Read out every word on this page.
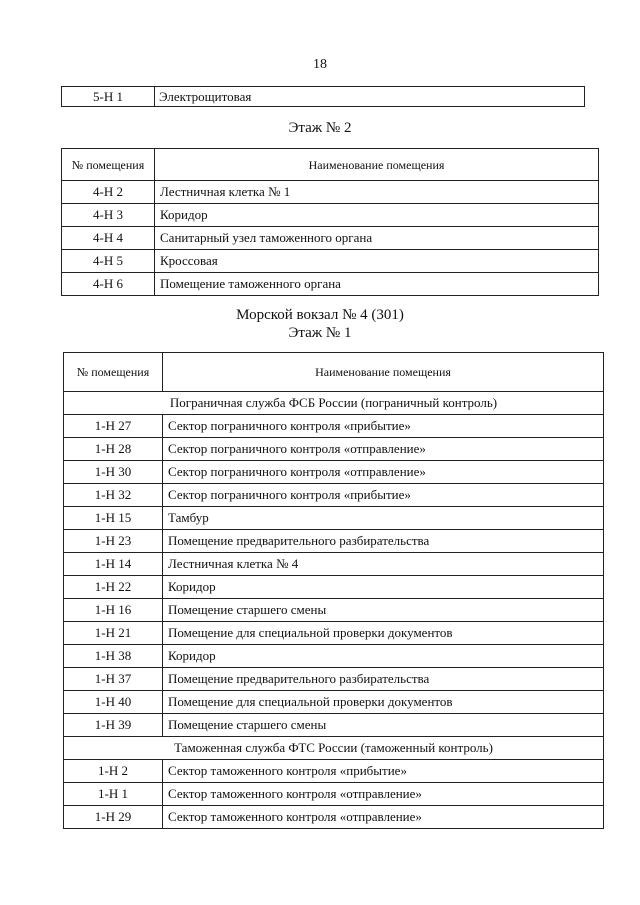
18
5-Н 1	Электрощитовая
Этаж № 2
№ помещения	Наименование помещения
4-Н 2	Лестничная клетка № 1
4-Н 3	Коридор
4-Н 4	Санитарный узел таможенного органа
4-Н 5	Кроссовая
4-Н 6	Помещение таможенного органа
Морской вокзал № 4 (301)
Этаж № 1
№ помещения	Наименование помещения
Пограничная служба ФСБ России (пограничный контроль)	
1-Н 27	Сектор пограничного контроля «прибытие»
1-Н 28	Сектор пограничного контроля «отправление»
1-Н 30	Сектор пограничного контроля «отправление»
1-Н 32	Сектор пограничного контроля «прибытие»
1-Н 15	Тамбур
1-Н 23	Помещение предварительного разбирательства
1-Н 14	Лестничная клетка № 4
1-Н 22	Коридор
1-Н 16	Помещение старшего смены
1-Н 21	Помещение для специальной проверки документов
1-Н 38	Коридор
1-Н 37	Помещение предварительного разбирательства
1-Н 40	Помещение для специальной проверки документов
1-Н 39	Помещение старшего смены
Таможенная служба ФТС России (таможенный контроль)	
1-Н 2	Сектор таможенного контроля «прибытие»
1-Н 1	Сектор таможенного контроля «отправление»
1-Н 29	Сектор таможенного контроля «отправление»
